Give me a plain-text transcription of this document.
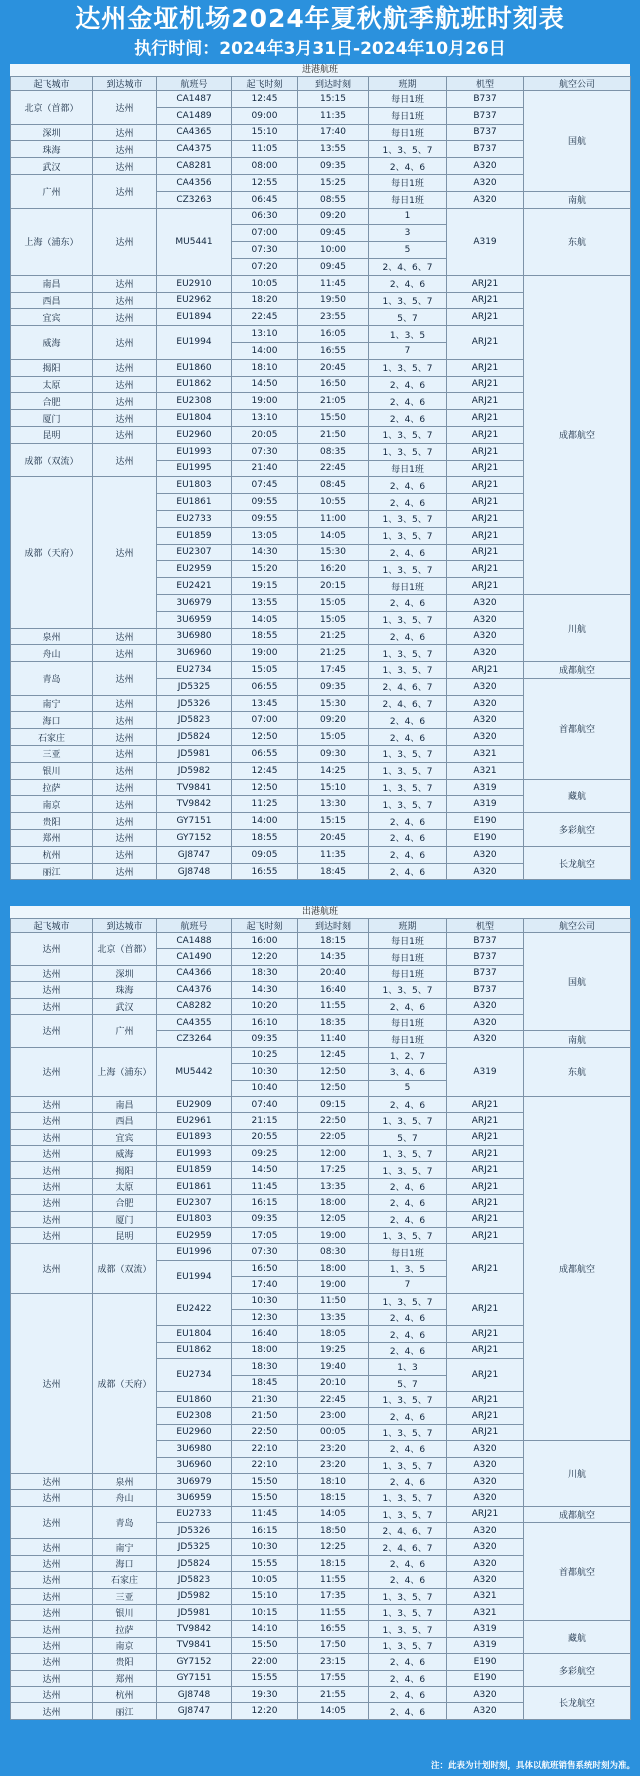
达州金垭机场2024年夏秋航季航班时刻表
执行时间：2024年3月31日-2024年10月26日
进港航班
起飞城市	到达城市	航班号	起飞时刻	到达时刻	班期	机型	航空公司
北京（首都）	达州	CA1487	12:45	15:15	每日1班	B737	国航
		CA1489	09:00	11:35	每日1班	B737	
深圳	达州	CA4365	15:10	17:40	每日1班	B737	
珠海	达州	CA4375	11:05	13:55	1、3、5、7	B737	
武汉	达州	CA8281	08:00	09:35	2、4、6	A320	
广州	达州	CA4356	12:55	15:25	每日1班	A320	
		CZ3263	06:45	08:55	每日1班	A320	南航
上海（浦东）	达州	MU5441	06:30	09:20	1	A319	东航
			07:00	09:45	3		
			07:30	10:00	5		
			07:20	09:45	2、4、6、7		
南昌	达州	EU2910	10:05	11:45	2、4、6	ARJ21	成都航空
西昌	达州	EU2962	18:20	19:50	1、3、5、7	ARJ21	
宜宾	达州	EU1894	22:45	23:55	5、7	ARJ21	
威海	达州	EU1994	13:10	16:05	1、3、5	ARJ21	
			14:00	16:55	7		
揭阳	达州	EU1860	18:10	20:45	1、3、5、7	ARJ21	
太原	达州	EU1862	14:50	16:50	2、4、6	ARJ21	
合肥	达州	EU2308	19:00	21:05	2、4、6	ARJ21	
厦门	达州	EU1804	13:10	15:50	2、4、6	ARJ21	
昆明	达州	EU2960	20:05	21:50	1、3、5、7	ARJ21	
成都（双流）	达州	EU1993	07:30	08:35	1、3、5、7	ARJ21	
		EU1995	21:40	22:45	每日1班	ARJ21	
成都（天府）	达州	EU1803	07:45	08:45	2、4、6	ARJ21	
		EU1861	09:55	10:55	2、4、6	ARJ21	
		EU2733	09:55	11:00	1、3、5、7	ARJ21	
		EU1859	13:05	14:05	1、3、5、7	ARJ21	
		EU2307	14:30	15:30	2、4、6	ARJ21	
		EU2959	15:20	16:20	1、3、5、7	ARJ21	
		EU2421	19:15	20:15	每日1班	ARJ21	
		3U6979	13:55	15:05	2、4、6	A320	川航
		3U6959	14:05	15:05	1、3、5、7	A320	
泉州	达州	3U6980	18:55	21:25	2、4、6	A320	
舟山	达州	3U6960	19:00	21:25	1、3、5、7	A320	
青岛	达州	EU2734	15:05	17:45	1、3、5、7	ARJ21	成都航空
		JD5325	06:55	09:35	2、4、6、7	A320	首都航空
南宁	达州	JD5326	13:45	15:30	2、4、6、7	A320	
海口	达州	JD5823	07:00	09:20	2、4、6	A320	
石家庄	达州	JD5824	12:50	15:05	2、4、6	A320	
三亚	达州	JD5981	06:55	09:30	1、3、5、7	A321	
银川	达州	JD5982	12:45	14:25	1、3、5、7	A321	
拉萨	达州	TV9841	12:50	15:10	1、3、5、7	A319	藏航
南京	达州	TV9842	11:25	13:30	1、3、5、7	A319	
贵阳	达州	GY7151	14:00	15:15	2、4、6	E190	多彩航空
郑州	达州	GY7152	18:55	20:45	2、4、6	E190	
杭州	达州	GJ8747	09:05	11:35	2、4、6	A320	长龙航空
丽江	达州	GJ8748	16:55	18:45	2、4、6	A320	
出港航班
起飞城市	到达城市	航班号	起飞时刻	到达时刻	班期	机型	航空公司
达州	北京（首都）	CA1488	16:00	18:15	每日1班	B737	国航
		CA1490	12:20	14:35	每日1班	B737	
达州	深圳	CA4366	18:30	20:40	每日1班	B737	
达州	珠海	CA4376	14:30	16:40	1、3、5、7	B737	
达州	武汉	CA8282	10:20	11:55	2、4、6	A320	
达州	广州	CA4355	16:10	18:35	每日1班	A320	
		CZ3264	09:35	11:40	每日1班	A320	南航
达州	上海（浦东）	MU5442	10:25	12:45	1、2、7	A319	东航
			10:30	12:50	3、4、6		
			10:40	12:50	5		
达州	南昌	EU2909	07:40	09:15	2、4、6	ARJ21	成都航空
达州	西昌	EU2961	21:15	22:50	1、3、5、7	ARJ21	
达州	宜宾	EU1893	20:55	22:05	5、7	ARJ21	
达州	威海	EU1993	09:25	12:00	1、3、5、7	ARJ21	
达州	揭阳	EU1859	14:50	17:25	1、3、5、7	ARJ21	
达州	太原	EU1861	11:45	13:35	2、4、6	ARJ21	
达州	合肥	EU2307	16:15	18:00	2、4、6	ARJ21	
达州	厦门	EU1803	09:35	12:05	2、4、6	ARJ21	
达州	昆明	EU2959	17:05	19:00	1、3、5、7	ARJ21	
达州	成都（双流）	EU1996	07:30	08:30	每日1班	ARJ21	
		EU1994	16:50	18:00	1、3、5		
			17:40	19:00	7		
达州	成都（天府）	EU2422	10:30	11:50	1、3、5、7	ARJ21	
			12:30	13:35	2、4、6		
		EU1804	16:40	18:05	2、4、6	ARJ21	
		EU1862	18:00	19:25	2、4、6	ARJ21	
		EU2734	18:30	19:40	1、3	ARJ21	
			18:45	20:10	5、7		
		EU1860	21:30	22:45	1、3、5、7	ARJ21	
		EU2308	21:50	23:00	2、4、6	ARJ21	
		EU2960	22:50	00:05	1、3、5、7	ARJ21	
		3U6980	22:10	23:20	2、4、6	A320	川航
		3U6960	22:10	23:20	1、3、5、7	A320	
达州	泉州	3U6979	15:50	18:10	2、4、6	A320	
达州	舟山	3U6959	15:50	18:15	1、3、5、7	A320	
达州	青岛	EU2733	11:45	14:05	1、3、5、7	ARJ21	成都航空
		JD5326	16:15	18:50	2、4、6、7	A320	首都航空
达州	南宁	JD5325	10:30	12:25	2、4、6、7	A320	
达州	海口	JD5824	15:55	18:15	2、4、6	A320	
达州	石家庄	JD5823	10:05	11:55	2、4、6	A320	
达州	三亚	JD5982	15:10	17:35	1、3、5、7	A321	
达州	银川	JD5981	10:15	11:55	1、3、5、7	A321	
达州	拉萨	TV9842	14:10	16:55	1、3、5、7	A319	藏航
达州	南京	TV9841	15:50	17:50	1、3、5、7	A319	
达州	贵阳	GY7152	22:00	23:15	2、4、6	E190	多彩航空
达州	郑州	GY7151	15:55	17:55	2、4、6	E190	
达州	杭州	GJ8748	19:30	21:55	2、4、6	A320	长龙航空
达州	丽江	GJ8747	12:20	14:05	2、4、6	A320	
注：此表为计划时刻，具体以航班销售系统时刻为准。
